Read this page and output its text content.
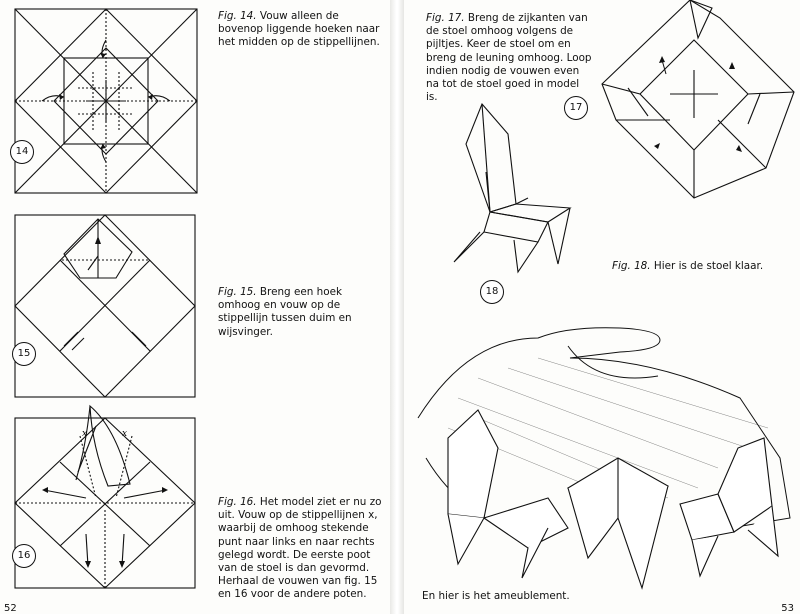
14
Fig. 14. Vouw alleen de bovenop liggende hoeken naar het midden op de stippellijnen.
15
Fig. 15. Breng een hoek omhoog en vouw op de stippellijn tussen duim en wijsvinger.
x	x
16
Fig. 16. Het model ziet er nu zo uit. Vouw op de stippellijnen x, waarbij de omhoog stekende punt naar links en naar rechts gelegd wordt. De eerste poot van de stoel is dan gevormd. Herhaal de vouwen van fig. 15 en 16 voor de andere poten.
52
Fig. 17. Breng de zijkanten van de stoel omhoog volgens de pijltjes. Keer de stoel om en breng de leuning omhoog. Loop indien nodig de vouwen even na tot de stoel goed in model is.
17
18
Fig. 18. Hier is de stoel klaar.
En hier is het ameublement.
53
